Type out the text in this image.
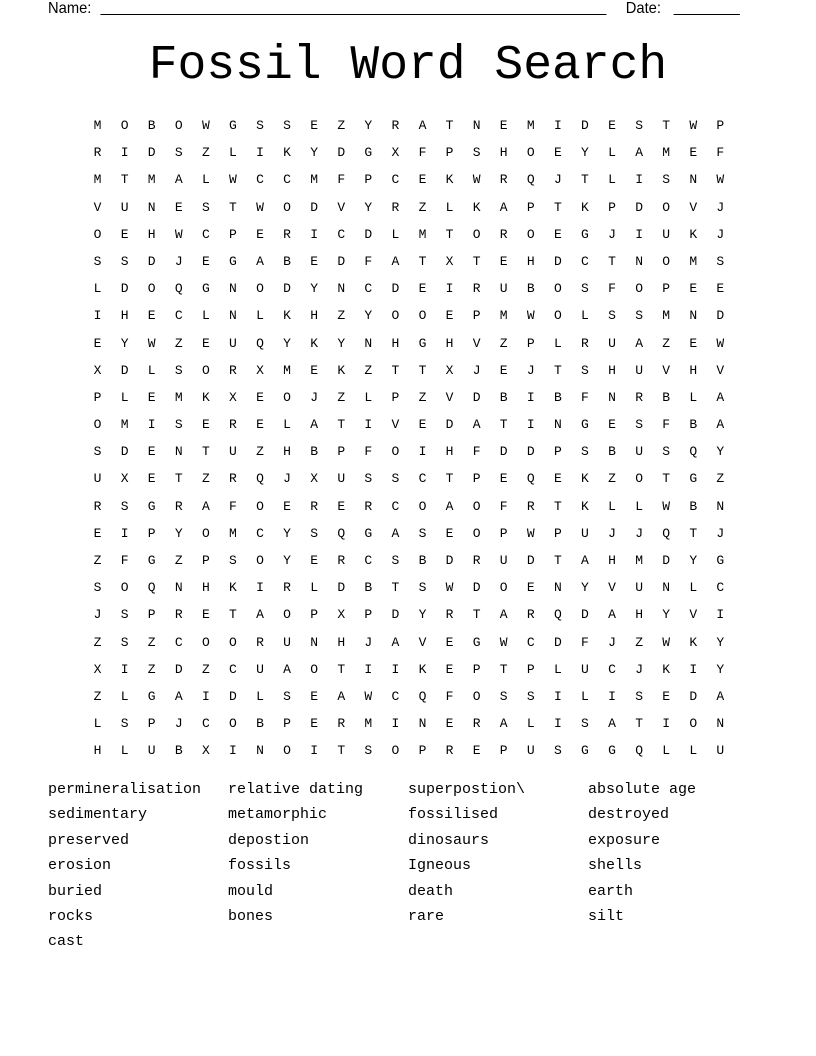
Name:	Date:
Fossil Word Search
M	O	B	O	W	G	S	S	E	Z	Y	R	A	T	N	E	M	I	D	E	S	T	W	P
R	I	D	S	Z	L	I	K	Y	D	G	X	F	P	S	H	O	E	Y	L	A	M	E	F
M	T	M	A	L	W	C	C	M	F	P	C	E	K	W	R	Q	J	T	L	I	S	N	W
V	U	N	E	S	T	W	O	D	V	Y	R	Z	L	K	A	P	T	K	P	D	O	V	J
O	E	H	W	C	P	E	R	I	C	D	L	M	T	O	R	O	E	G	J	I	U	K	J
S	S	D	J	E	G	A	B	E	D	F	A	T	X	T	E	H	D	C	T	N	O	M	S
L	D	O	Q	G	N	O	D	Y	N	C	D	E	I	R	U	B	O	S	F	O	P	E	E
I	H	E	C	L	N	L	K	H	Z	Y	O	O	E	P	M	W	O	L	S	S	M	N	D
E	Y	W	Z	E	U	Q	Y	K	Y	N	H	G	H	V	Z	P	L	R	U	A	Z	E	W
X	D	L	S	O	R	X	M	E	K	Z	T	T	X	J	E	J	T	S	H	U	V	H	V
P	L	E	M	K	X	E	O	J	Z	L	P	Z	V	D	B	I	B	F	N	R	B	L	A
O	M	I	S	E	R	E	L	A	T	I	V	E	D	A	T	I	N	G	E	S	F	B	A
S	D	E	N	T	U	Z	H	B	P	F	O	I	H	F	D	D	P	S	B	U	S	Q	Y
U	X	E	T	Z	R	Q	J	X	U	S	S	C	T	P	E	Q	E	K	Z	O	T	G	Z
R	S	G	R	A	F	O	E	R	E	R	C	O	A	O	F	R	T	K	L	L	W	B	N
E	I	P	Y	O	M	C	Y	S	Q	G	A	S	E	O	P	W	P	U	J	J	Q	T	J
Z	F	G	Z	P	S	O	Y	E	R	C	S	B	D	R	U	D	T	A	H	M	D	Y	G
S	O	Q	N	H	K	I	R	L	D	B	T	S	W	D	O	E	N	Y	V	U	N	L	C
J	S	P	R	E	T	A	O	P	X	P	D	Y	R	T	A	R	Q	D	A	H	Y	V	I
Z	S	Z	C	O	O	R	U	N	H	J	A	V	E	G	W	C	D	F	J	Z	W	K	Y
X	I	Z	D	Z	C	U	A	O	T	I	I	K	E	P	T	P	L	U	C	J	K	I	Y
Z	L	G	A	I	D	L	S	E	A	W	C	Q	F	O	S	S	I	L	I	S	E	D	A
L	S	P	J	C	O	B	P	E	R	M	I	N	E	R	A	L	I	S	A	T	I	O	N
H	L	U	B	X	I	N	O	I	T	S	O	P	R	E	P	U	S	G	G	Q	L	L	U
permineralisation	relative dating	superpostion\	absolute age
sedimentary	metamorphic	fossilised	destroyed
preserved	depostion	dinosaurs	exposure
erosion	fossils	Igneous	shells
buried	mould	death	earth
rocks	bones	rare	silt
cast
